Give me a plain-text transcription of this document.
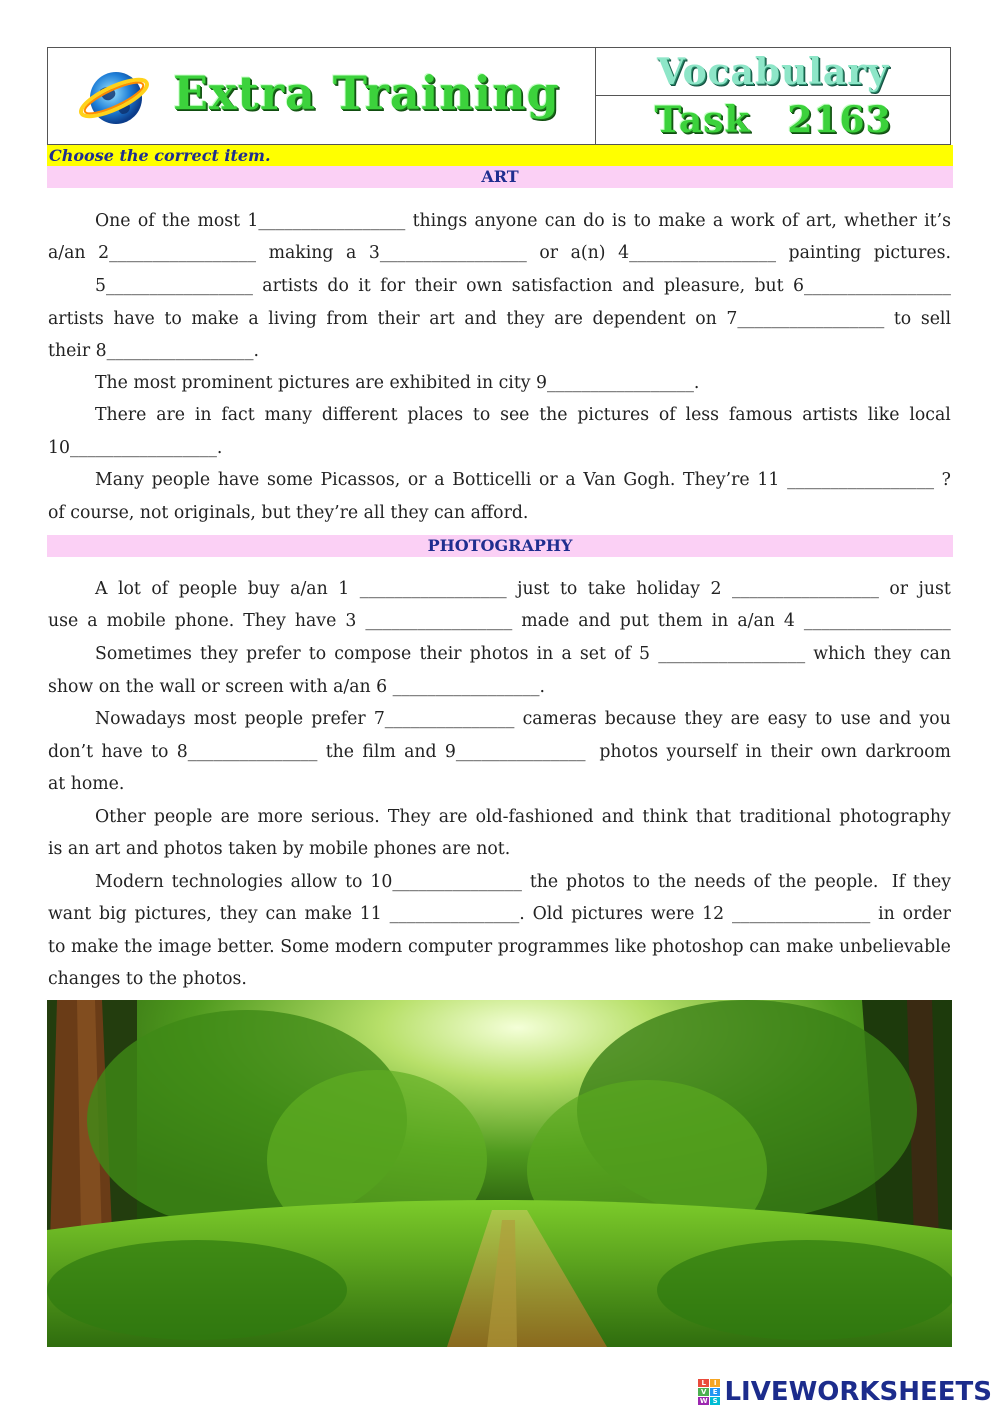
Extra Training	Vocabulary
Task 2163
Choose the correct item.
ART
One of the most 1_________________ things anyone can do is to make a work of art, whether it’s
a/an 2_________________ making a 3_________________ or a(n) 4_________________ painting pictures.
5_________________ artists do it for their own satisfaction and pleasure, but 6_________________
artists have to make a living from their art and they are dependent on 7_________________ to sell
their 8_________________.
The most prominent pictures are exhibited in city 9_________________.
There are in fact many different places to see the pictures of less famous artists like local
10_________________.
Many people have some Picassos, or a Botticelli or a Van Gogh. They’re 11 _________________ ?
of course, not originals, but they’re all they can afford.
PHOTOGRAPHY
A lot of people buy a/an 1 _________________ just to take holiday 2 _________________ or just
use a mobile phone. They have 3 _________________ made and put them in a/an 4 _________________
Sometimes they prefer to compose their photos in a set of 5 _________________ which they can
show on the wall or screen with a/an 6 _________________.
Nowadays most people prefer 7_______________ cameras because they are easy to use and you
don’t have to 8_______________ the film and 9_______________ photos yourself in their own darkroom
at home.
Other people are more serious. They are old-fashioned and think that traditional photography
is an art and photos taken by mobile phones are not.
Modern technologies allow to 10_______________ the photos to the needs of the people. If they
want big pictures, they can make 11 _______________. Old pictures were 12 ________________ in order
to make the image better. Some modern computer programmes like photoshop can make unbelievable
changes to the photos.
L	I
V E
W S LIVEWORKSHEETS
